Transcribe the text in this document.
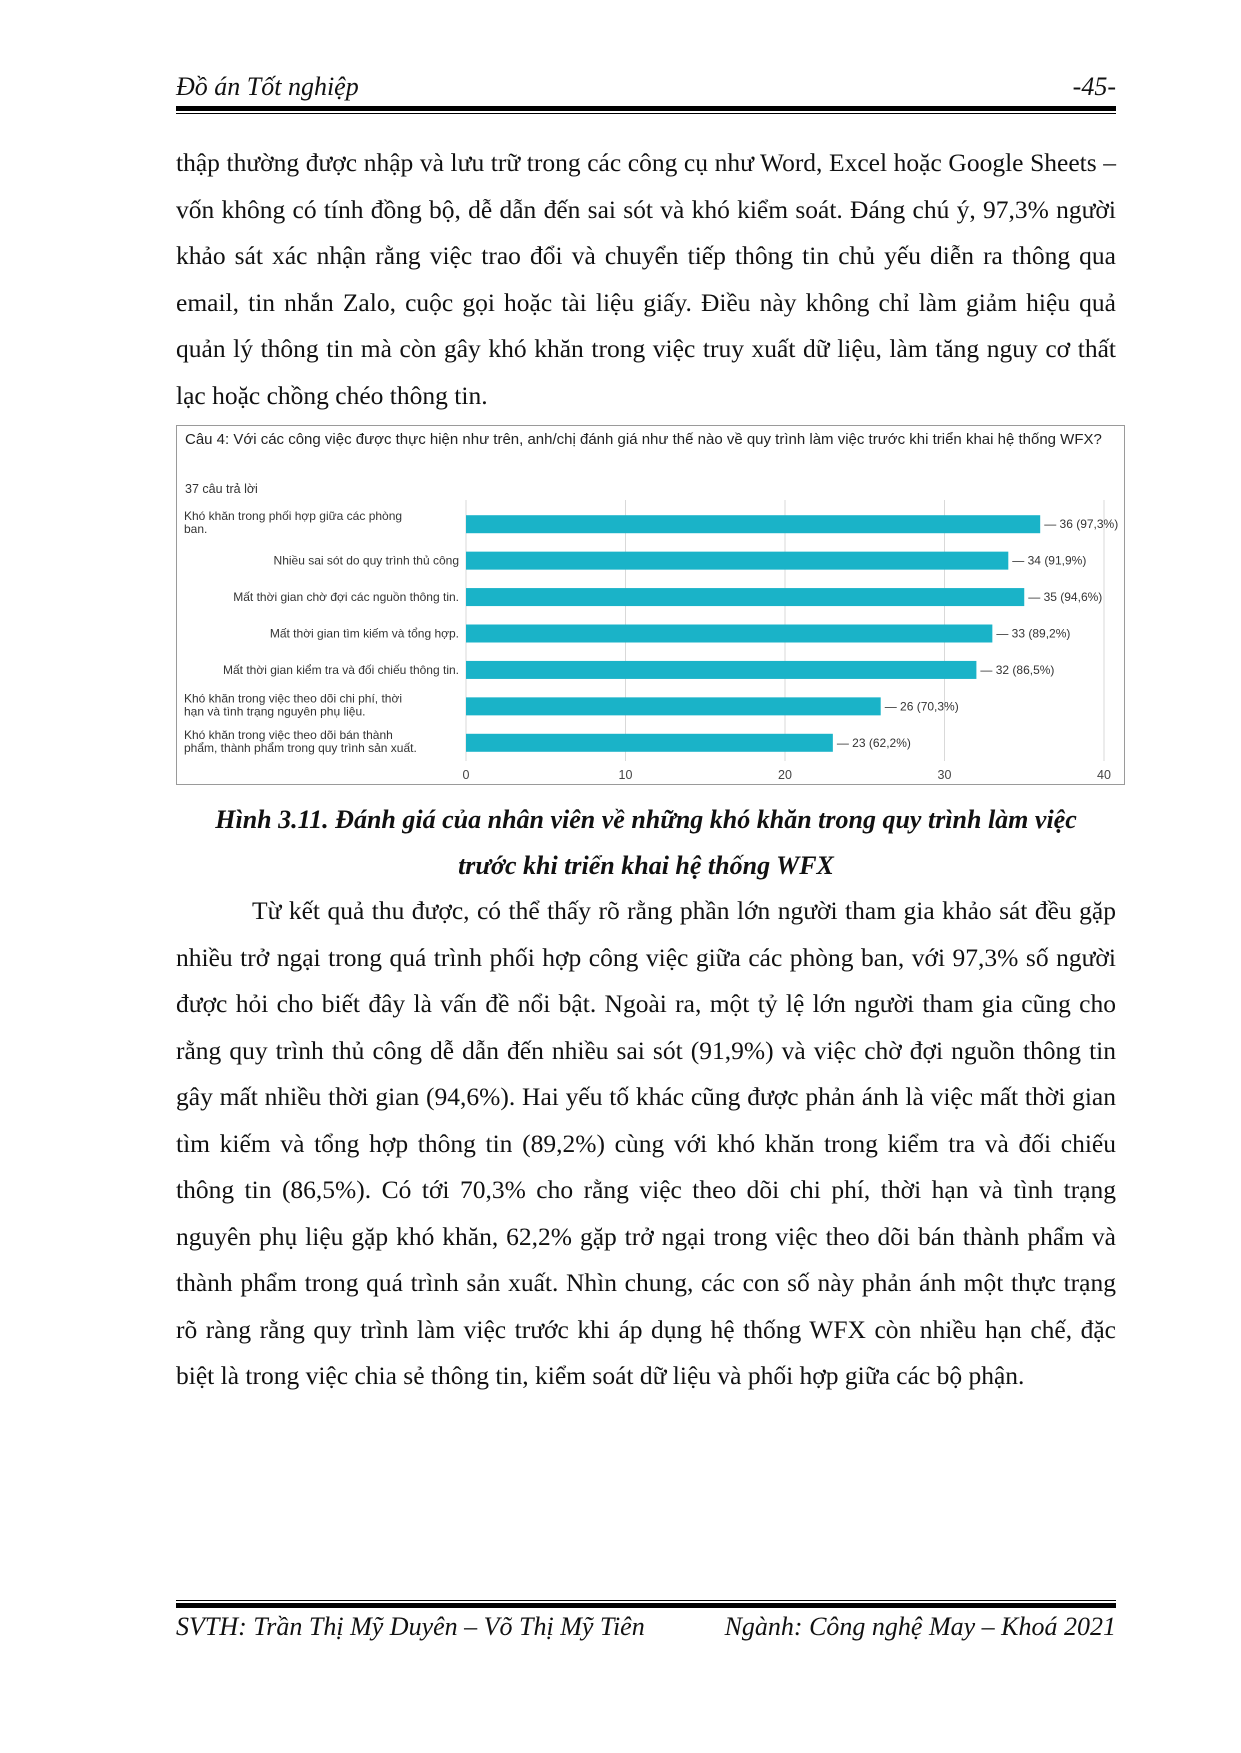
Đồ án Tốt nghiệp	-45-

thập thường được nhập và lưu trữ trong các công cụ như Word, Excel hoặc Google Sheets – vốn không có tính đồng bộ, dễ dẫn đến sai sót và khó kiểm soát. Đáng chú ý, 97,3% người khảo sát xác nhận rằng việc trao đổi và chuyển tiếp thông tin chủ yếu diễn ra thông qua email, tin nhắn Zalo, cuộc gọi hoặc tài liệu giấy. Điều này không chỉ làm giảm hiệu quả quản lý thông tin mà còn gây khó khăn trong việc truy xuất dữ liệu, làm tăng nguy cơ thất lạc hoặc chồng chéo thông tin.

Câu 4: Với các công việc được thực hiện như trên, anh/chị đánh giá như thế nào về quy trình làm việc trước khi triển khai hệ thống WFX?
37 câu trả lời
0	10	20	30	40
Khó khăn trong phối hợp giữa các phòng ban.	— 36 (97,3%)
Nhiều sai sót do quy trình thủ công	— 34 (91,9%)
Mất thời gian chờ đợi các nguồn thông tin.	— 35 (94,6%)
Mất thời gian tìm kiếm và tổng hợp.	— 33 (89,2%)
Mất thời gian kiểm tra và đối chiếu thông tin.	— 32 (86,5%)
Khó khăn trong việc theo dõi chi phí, thời hạn và tình trạng nguyên phụ liệu.	— 26 (70,3%)
Khó khăn trong việc theo dõi bán thành phẩm, thành phẩm trong quy trình sản xuất.	— 23 (62,2%)
Hình 3.11. Đánh giá của nhân viên về những khó khăn trong quy trình làm việc
trước khi triển khai hệ thống WFX

Từ kết quả thu được, có thể thấy rõ rằng phần lớn người tham gia khảo sát đều gặp nhiều trở ngại trong quá trình phối hợp công việc giữa các phòng ban, với 97,3% số người được hỏi cho biết đây là vấn đề nổi bật. Ngoài ra, một tỷ lệ lớn người tham gia cũng cho rằng quy trình thủ công dễ dẫn đến nhiều sai sót (91,9%) và việc chờ đợi nguồn thông tin gây mất nhiều thời gian (94,6%). Hai yếu tố khác cũng được phản ánh là việc mất thời gian tìm kiếm và tổng hợp thông tin (89,2%) cùng với khó khăn trong kiểm tra và đối chiếu thông tin (86,5%). Có tới 70,3% cho rằng việc theo dõi chi phí, thời hạn và tình trạng nguyên phụ liệu gặp khó khăn, 62,2% gặp trở ngại trong việc theo dõi bán thành phẩm và thành phẩm trong quá trình sản xuất. Nhìn chung, các con số này phản ánh một thực trạng rõ ràng rằng quy trình làm việc trước khi áp dụng hệ thống WFX còn nhiều hạn chế, đặc biệt là trong việc chia sẻ thông tin, kiểm soát dữ liệu và phối hợp giữa các bộ phận.

SVTH: Trần Thị Mỹ Duyên – Võ Thị Mỹ Tiên	Ngành: Công nghệ May – Khoá 2021
